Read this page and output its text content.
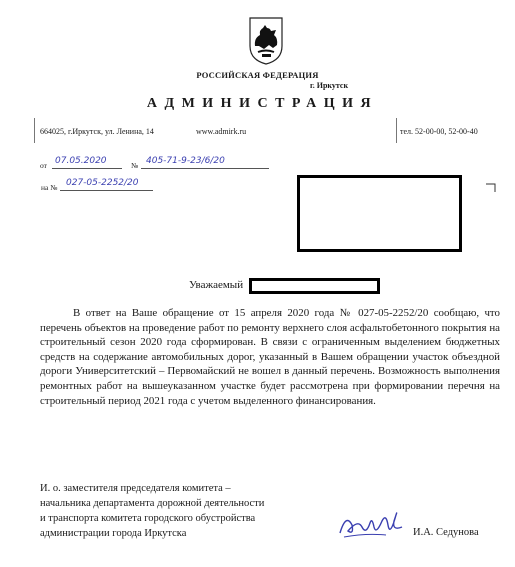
РОССИЙСКАЯ ФЕДЕРАЦИЯ
г. Иркутск
АДМИНИСТРАЦИЯ
664025, г.Иркутск, ул. Ленина, 14	www.admirk.ru	тел. 52-00-00, 52-00-40
от 07.05.2020	№ 405-71-9-23/6/20
на № 027-05-2252/20
Уважаемый

В ответ на Ваше обращение от 15 апреля 2020 года № 027-05-2252/20 сообщаю, что перечень объектов на проведение работ по ремонту верхнего слоя асфальтобетонного покрытия на строительный сезон 2020 года сформирован. В связи с ограниченным выделением бюджетных средств на содержание автомобильных дорог, указанный в Вашем обращении участок объездной дороги Университетский – Первомайский не вошел в данный перечень. Возможность выполнения ремонтных работ на вышеуказанном участке будет рассмотрена при формировании перечня на строительный период 2021 года с учетом выделенного финансирования.

И. о. заместителя председателя комитета –
начальника департамента дорожной деятельности
и транспорта комитета городского обустройства
администрации города Иркутска	И.А. Седунова
